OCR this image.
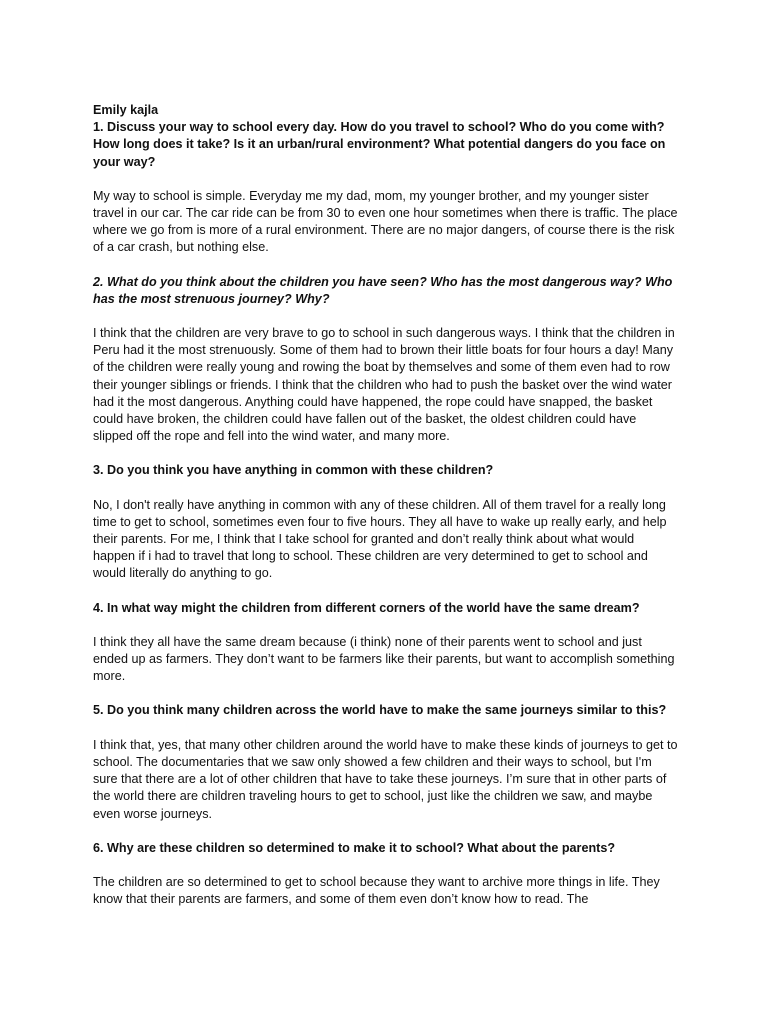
Emily kajla

1. Discuss your way to school every day. How do you travel to school? Who do you come with? How long does it take? Is it an urban/rural environment? What potential dangers do you face on your way?

My way to school is simple. Everyday me my dad, mom, my younger brother, and my younger sister travel in our car. The car ride can be from 30 to even one hour sometimes when there is traffic. The place where we go from is more of a rural environment. There are no major dangers, of course there is the risk of a car crash, but nothing else.

2. What do you think about the children you have seen? Who has the most dangerous way? Who has the most strenuous journey? Why?

I think that the children are very brave to go to school in such dangerous ways. I think that the children in Peru had it the most strenuously. Some of them had to brown their little boats for four hours a day! Many of the children were really young and rowing the boat by themselves and some of them even had to row their younger siblings or friends. I think that the children who had to push the basket over the wind water had it the most dangerous. Anything could have happened, the rope could have snapped, the basket could have broken, the children could have fallen out of the basket, the oldest children could have slipped off the rope and fell into the wind water, and many more.

3. Do you think you have anything in common with these children?

No, I don't really have anything in common with any of these children. All of them travel for a really long time to get to school, sometimes even four to five hours. They all have to wake up really early, and help their parents. For me, I think that I take school for granted and don’t really think about what would happen if i had to travel that long to school. These children are very determined to get to school and would literally do anything to go.

4. In what way might the children from different corners of the world have the same dream?

I think they all have the same dream because (i think) none of their parents went to school and just ended up as farmers. They don’t want to be farmers like their parents, but want to accomplish something more.

5. Do you think many children across the world have to make the same journeys similar to this?

I think that, yes, that many other children around the world have to make these kinds of journeys to get to school. The documentaries that we saw only showed a few children and their ways to school, but I'm sure that there are a lot of other children that have to take these journeys. I’m sure that in other parts of the world there are children traveling hours to get to school, just like the children we saw, and maybe even worse journeys.

6. Why are these children so determined to make it to school? What about the parents?

The children are so determined to get to school because they want to archive more things in life. They know that their parents are farmers, and some of them even don’t know how to read. The
